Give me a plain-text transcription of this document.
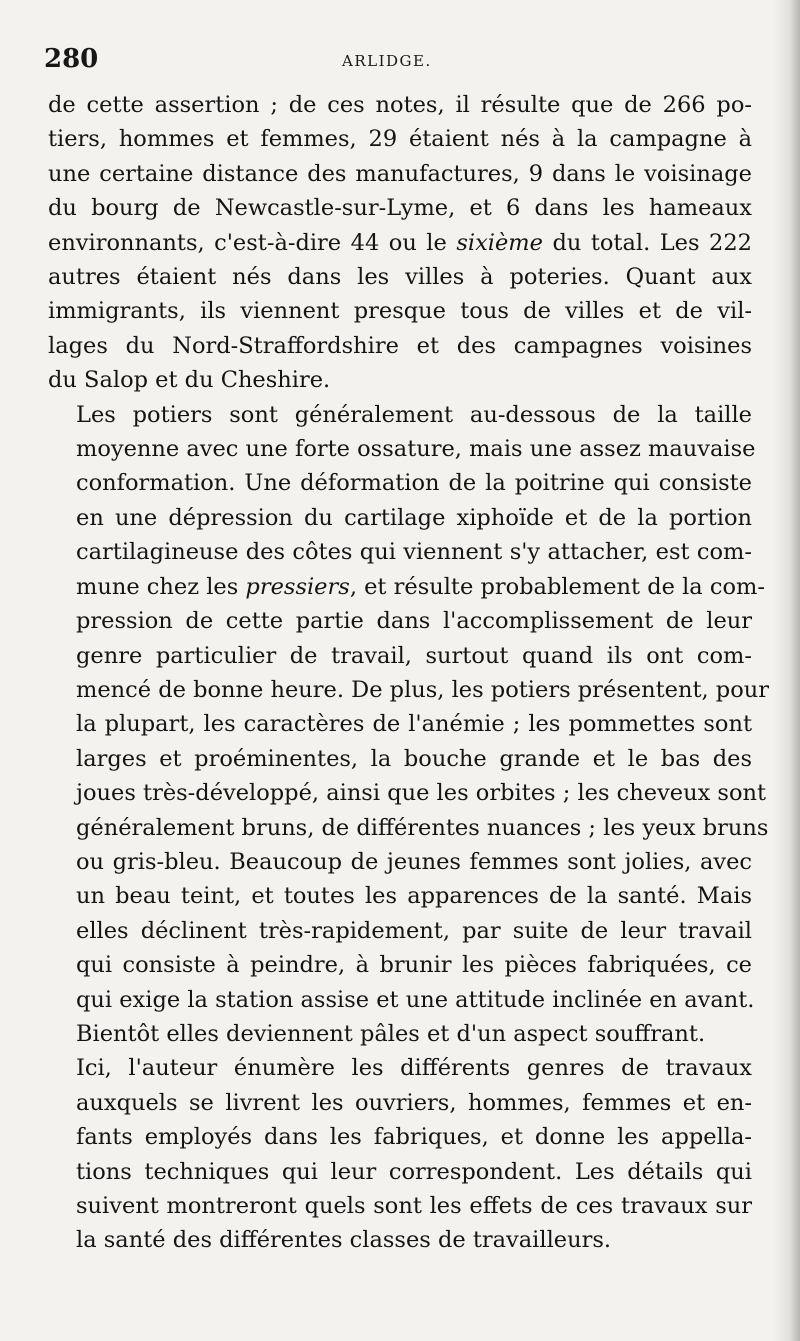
280	ARLIDGE.

de cette assertion ; de ces notes, il résulte que de 266 po-
tiers, hommes et femmes, 29 étaient nés à la campagne à
une certaine distance des manufactures, 9 dans le voisinage
du bourg de Newcastle-sur-Lyme, et 6 dans les hameaux
environnants, c'est-à-dire 44 ou le sixième du total. Les 222
autres étaient nés dans les villes à poteries. Quant aux
immigrants, ils viennent presque tous de villes et de vil-
lages du Nord-Straffordshire et des campagnes voisines
du Salop et du Cheshire.

Les potiers sont généralement au-dessous de la taille
moyenne avec une forte ossature, mais une assez mauvaise
conformation. Une déformation de la poitrine qui consiste
en une dépression du cartilage xiphoïde et de la portion
cartilagineuse des côtes qui viennent s'y attacher, est com-
mune chez les pressiers, et résulte probablement de la com-
pression de cette partie dans l'accomplissement de leur
genre particulier de travail, surtout quand ils ont com-
mencé de bonne heure. De plus, les potiers présentent, pour
la plupart, les caractères de l'anémie ; les pommettes sont
larges et proéminentes, la bouche grande et le bas des
joues très-développé, ainsi que les orbites ; les cheveux sont
généralement bruns, de différentes nuances ; les yeux bruns
ou gris-bleu. Beaucoup de jeunes femmes sont jolies, avec
un beau teint, et toutes les apparences de la santé. Mais
elles déclinent très-rapidement, par suite de leur travail
qui consiste à peindre, à brunir les pièces fabriquées, ce
qui exige la station assise et une attitude inclinée en avant.
Bientôt elles deviennent pâles et d'un aspect souffrant.

Ici, l'auteur énumère les différents genres de travaux
auxquels se livrent les ouvriers, hommes, femmes et en-
fants employés dans les fabriques, et donne les appella-
tions techniques qui leur correspondent. Les détails qui
suivent montreront quels sont les effets de ces travaux sur
la santé des différentes classes de travailleurs.
